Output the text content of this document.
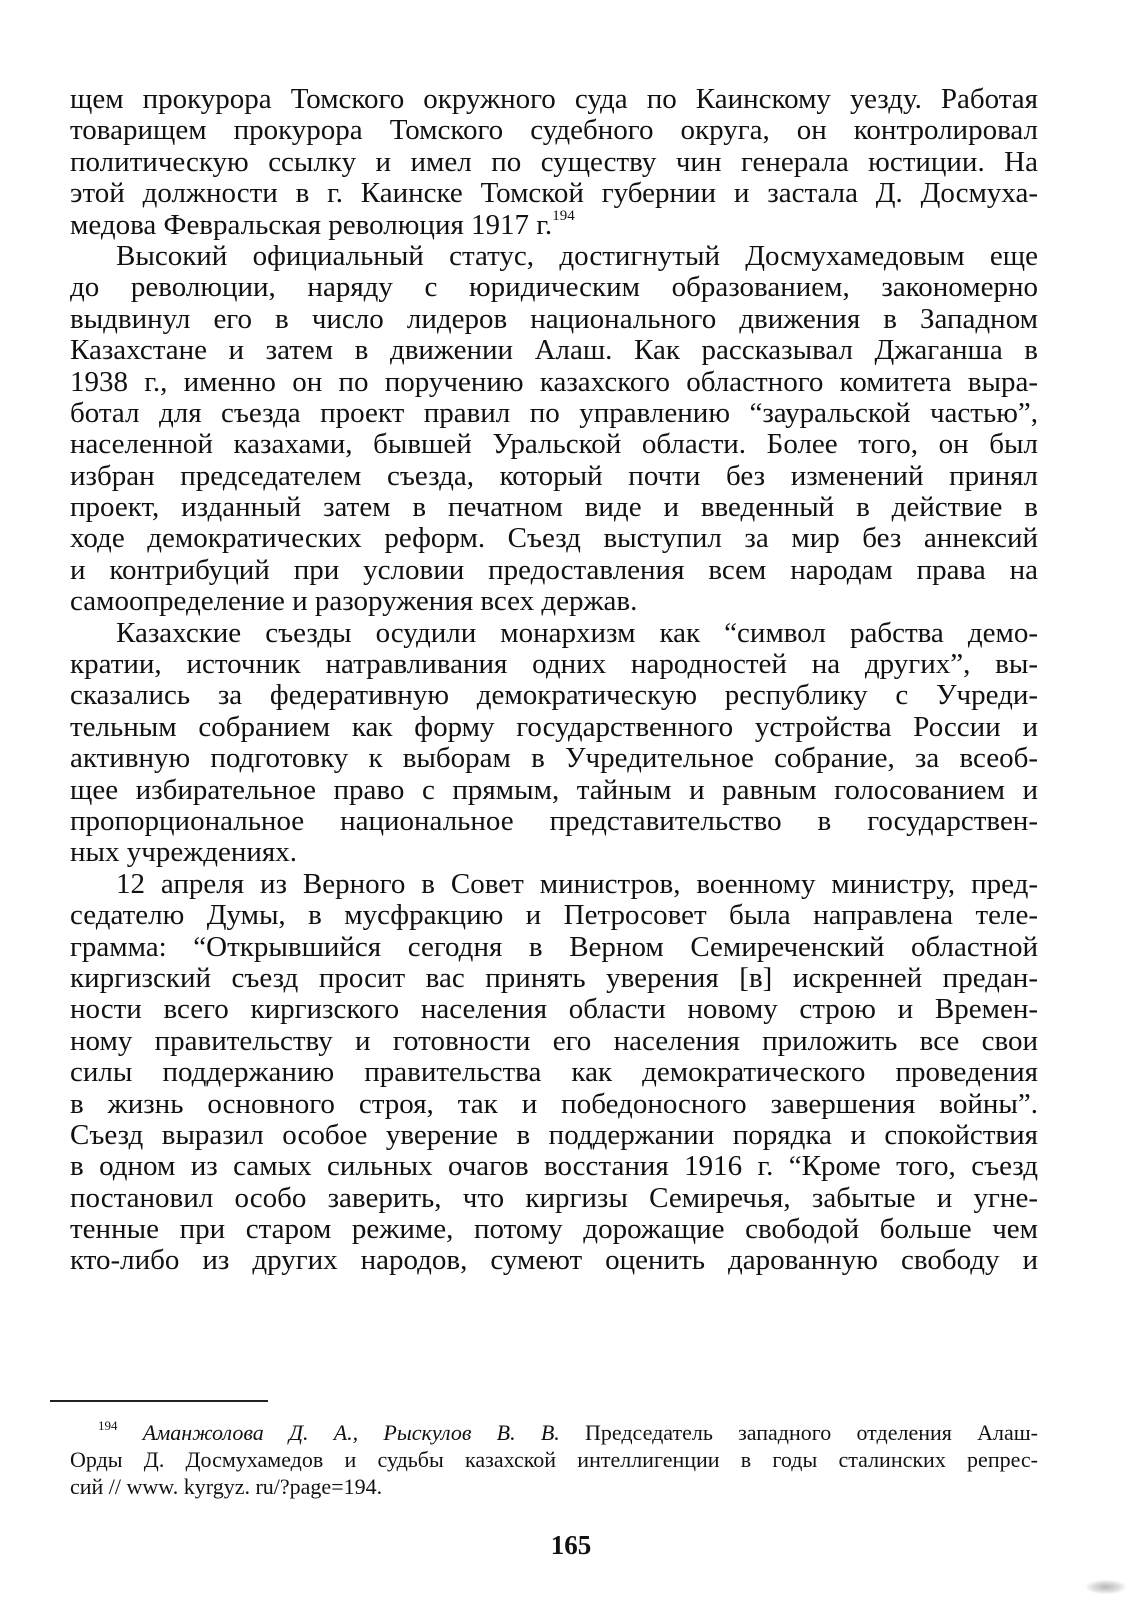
щем прокурора Томского окружного суда по Каинскому уезду. Работая
товарищем прокурора Томского судебного округа, он контролировал
политическую ссылку и имел по существу чин генерала юстиции. На
этой должности в г. Каинске Томской губернии и застала Д. Досмуха-
медова Февральская революция 1917 г.$^{194}$
Высокий официальный статус, достигнутый Досмухамедовым еще
до революции, наряду с юридическим образованием, закономерно
выдвинул его в число лидеров национального движения в Западном
Казахстане и затем в движении Алаш. Как рассказывал Джаганша в
1938 г., именно он по поручению казахского областного комитета выра-
ботал для съезда проект правил по управлению “зауральской частью”,
населенной казахами, бывшей Уральской области. Более того, он был
избран председателем съезда, который почти без изменений принял
проект, изданный затем в печатном виде и введенный в действие в
ходе демократических реформ. Съезд выступил за мир без аннексий
и контрибуций при условии предоставления всем народам права на
самоопределение и разоружения всех держав.
Казахские съезды осудили монархизм как “символ рабства демо-
кратии, источник натравливания одних народностей на других”, вы-
сказались за федеративную демократическую республику с Учреди-
тельным собранием как форму государственного устройства России и
активную подготовку к выборам в Учредительное собрание, за всеоб-
щее избирательное право с прямым, тайным и равным голосованием и
пропорциональное национальное представительство в государствен-
ных учреждениях.
12 апреля из Верного в Совет министров, военному министру, пред-
седателю Думы, в мусфракцию и Петросовет была направлена теле-
грамма: “Открывшийся сегодня в Верном Семиреченский областной
киргизский съезд просит вас принять уверения [в] искренней предан-
ности всего киргизского населения области новому строю и Времен-
ному правительству и готовности его населения приложить все свои
силы поддержанию правительства как демократического проведения
в жизнь основного строя, так и победоносного завершения войны”.
Съезд выразил особое уверение в поддержании порядка и спокойствия
в одном из самых сильных очагов восстания 1916 г. “Кроме того, съезд
постановил особо заверить, что киргизы Семиречья, забытые и угне-
тенные при старом режиме, потому дорожащие свободой больше чем
кто-либо из других народов, сумеют оценить дарованную свободу и
$^{194}$ Аманжолова Д. А., Рыскулов В. В. Председатель западного отделения Алаш-
Орды Д. Досмухамедов и судьбы казахской интеллигенции в годы сталинских репрес-
сий // www. kyrgyz. ru/?page=194.
165
